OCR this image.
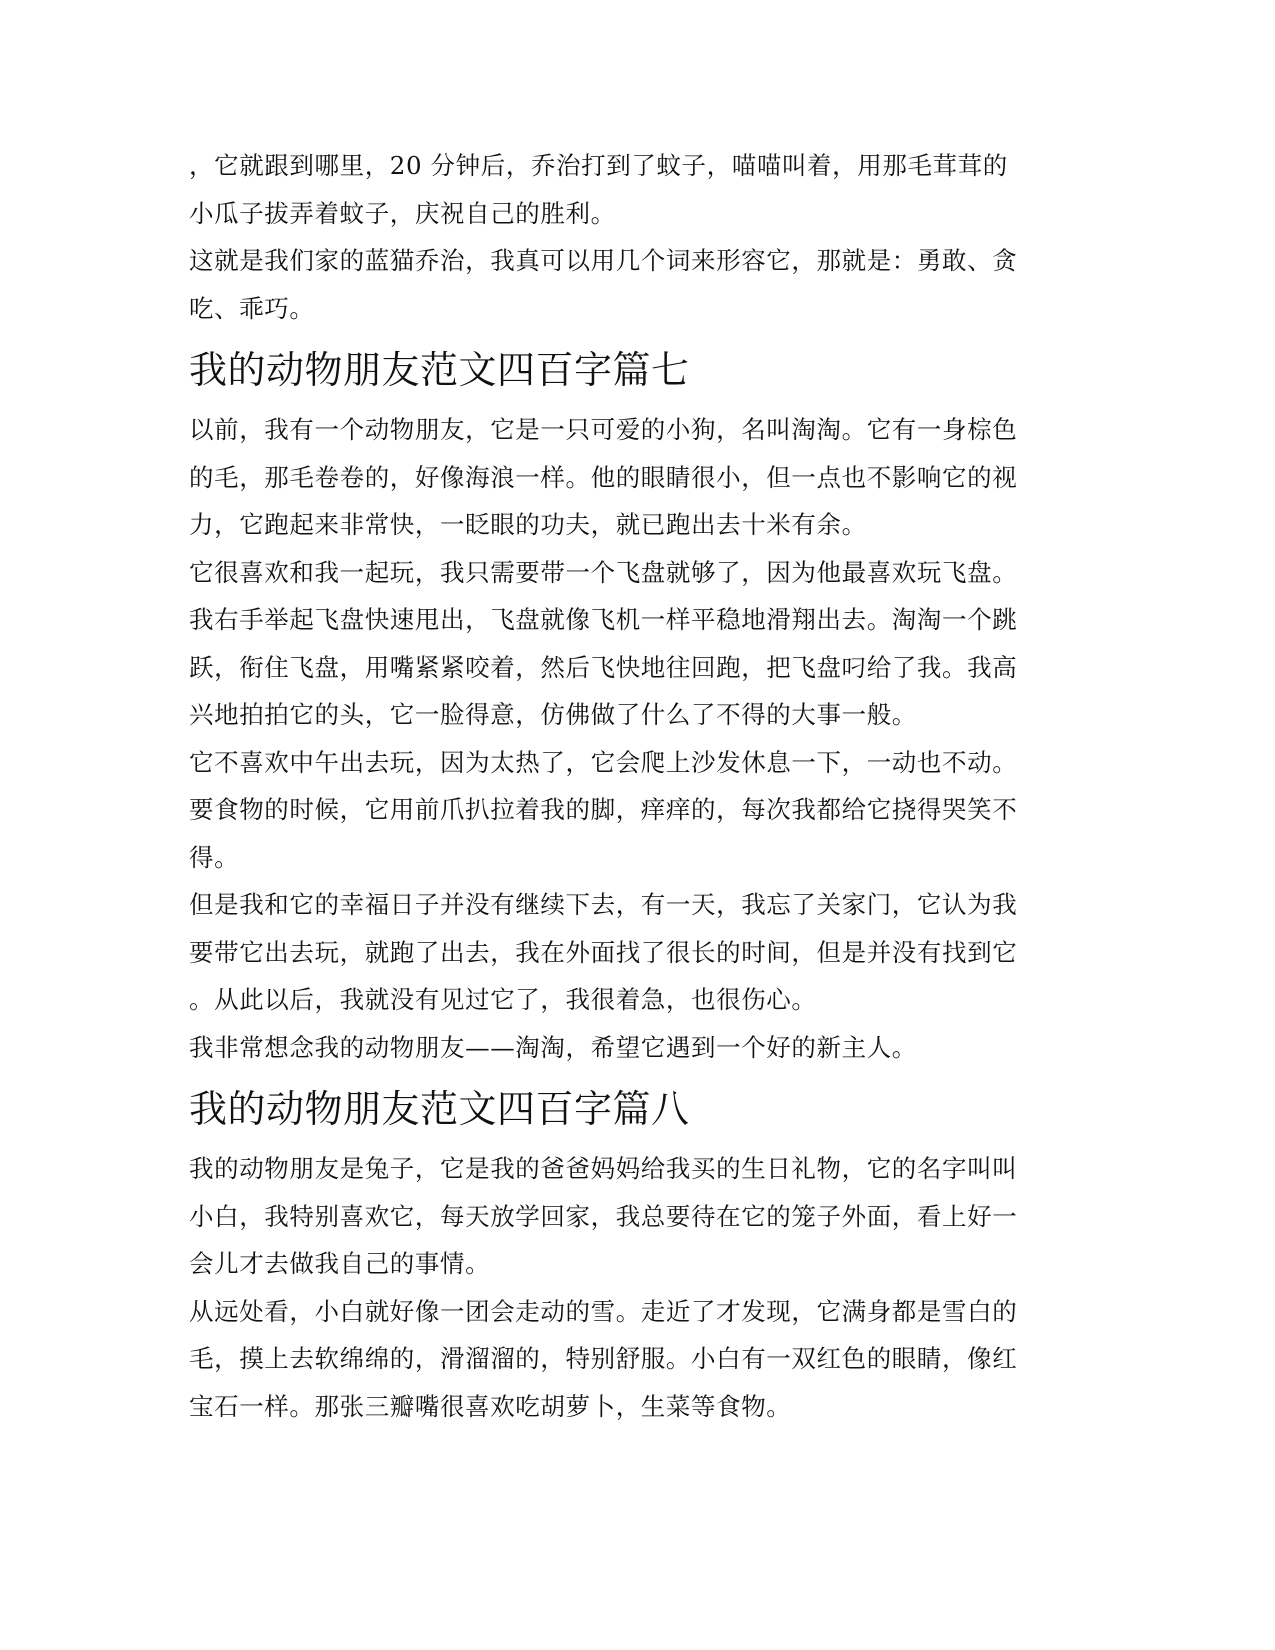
，它就跟到哪里，20 分钟后，乔治打到了蚊子，喵喵叫着，用那毛茸茸的
小瓜子拔弄着蚊子，庆祝自己的胜利。

这就是我们家的蓝猫乔治，我真可以用几个词来形容它，那就是：勇敢、贪
吃、乖巧。

我的动物朋友范文四百字篇七

以前，我有一个动物朋友，它是一只可爱的小狗，名叫淘淘。它有一身棕色
的毛，那毛卷卷的，好像海浪一样。他的眼睛很小，但一点也不影响它的视
力，它跑起来非常快，一眨眼的功夫，就已跑出去十米有余。

它很喜欢和我一起玩，我只需要带一个飞盘就够了，因为他最喜欢玩飞盘。
我右手举起飞盘快速甩出，飞盘就像飞机一样平稳地滑翔出去。淘淘一个跳
跃，衔住飞盘，用嘴紧紧咬着，然后飞快地往回跑，把飞盘叼给了我。我高
兴地拍拍它的头，它一脸得意，仿佛做了什么了不得的大事一般。

它不喜欢中午出去玩，因为太热了，它会爬上沙发休息一下，一动也不动。
要食物的时候，它用前爪扒拉着我的脚，痒痒的，每次我都给它挠得哭笑不
得。

但是我和它的幸福日子并没有继续下去，有一天，我忘了关家门，它认为我
要带它出去玩，就跑了出去，我在外面找了很长的时间，但是并没有找到它
。从此以后，我就没有见过它了，我很着急，也很伤心。

我非常想念我的动物朋友——淘淘，希望它遇到一个好的新主人。

我的动物朋友范文四百字篇八

我的动物朋友是兔子，它是我的爸爸妈妈给我买的生日礼物，它的名字叫叫
小白，我特别喜欢它，每天放学回家，我总要待在它的笼子外面，看上好一
会儿才去做我自己的事情。

从远处看，小白就好像一团会走动的雪。走近了才发现，它满身都是雪白的
毛，摸上去软绵绵的，滑溜溜的，特别舒服。小白有一双红色的眼睛，像红
宝石一样。那张三瓣嘴很喜欢吃胡萝卜，生菜等食物。
